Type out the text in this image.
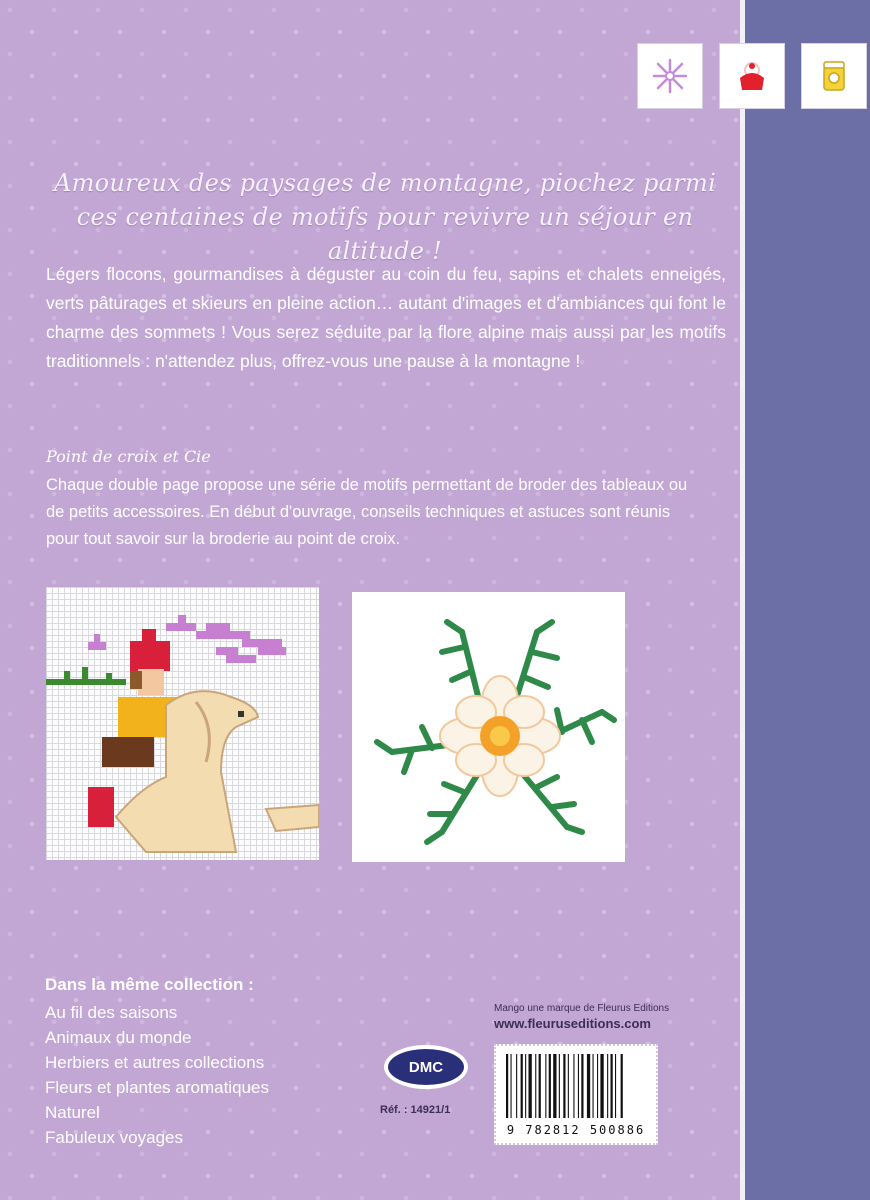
Amoureux des paysages de montagne, piochez parmi ces centaines de motifs pour revivre un séjour en altitude !
Légers flocons, gourmandises à déguster au coin du feu, sapins et chalets enneigés, verts pâturages et skieurs en pleine action… autant d'images et d'ambiances qui font le charme des sommets ! Vous serez séduite par la flore alpine mais aussi par les motifs traditionnels : n'attendez plus, offrez-vous une pause à la montagne !
Point de croix et Cie
Chaque double page propose une série de motifs permettant de broder des tableaux ou de petits accessoires. En début d'ouvrage, conseils techniques et astuces sont réunis pour tout savoir sur la broderie au point de croix.
Dans la même collection :
Au fil des saisons
Animaux du monde
Herbiers et autres collections
Fleurs et plantes aromatiques
Naturel
Fabuleux voyages
Mango une marque de Fleurus Editions
www.fleuruseditions.com
DMC
Réf. : 14921/1
9 782812 500886
